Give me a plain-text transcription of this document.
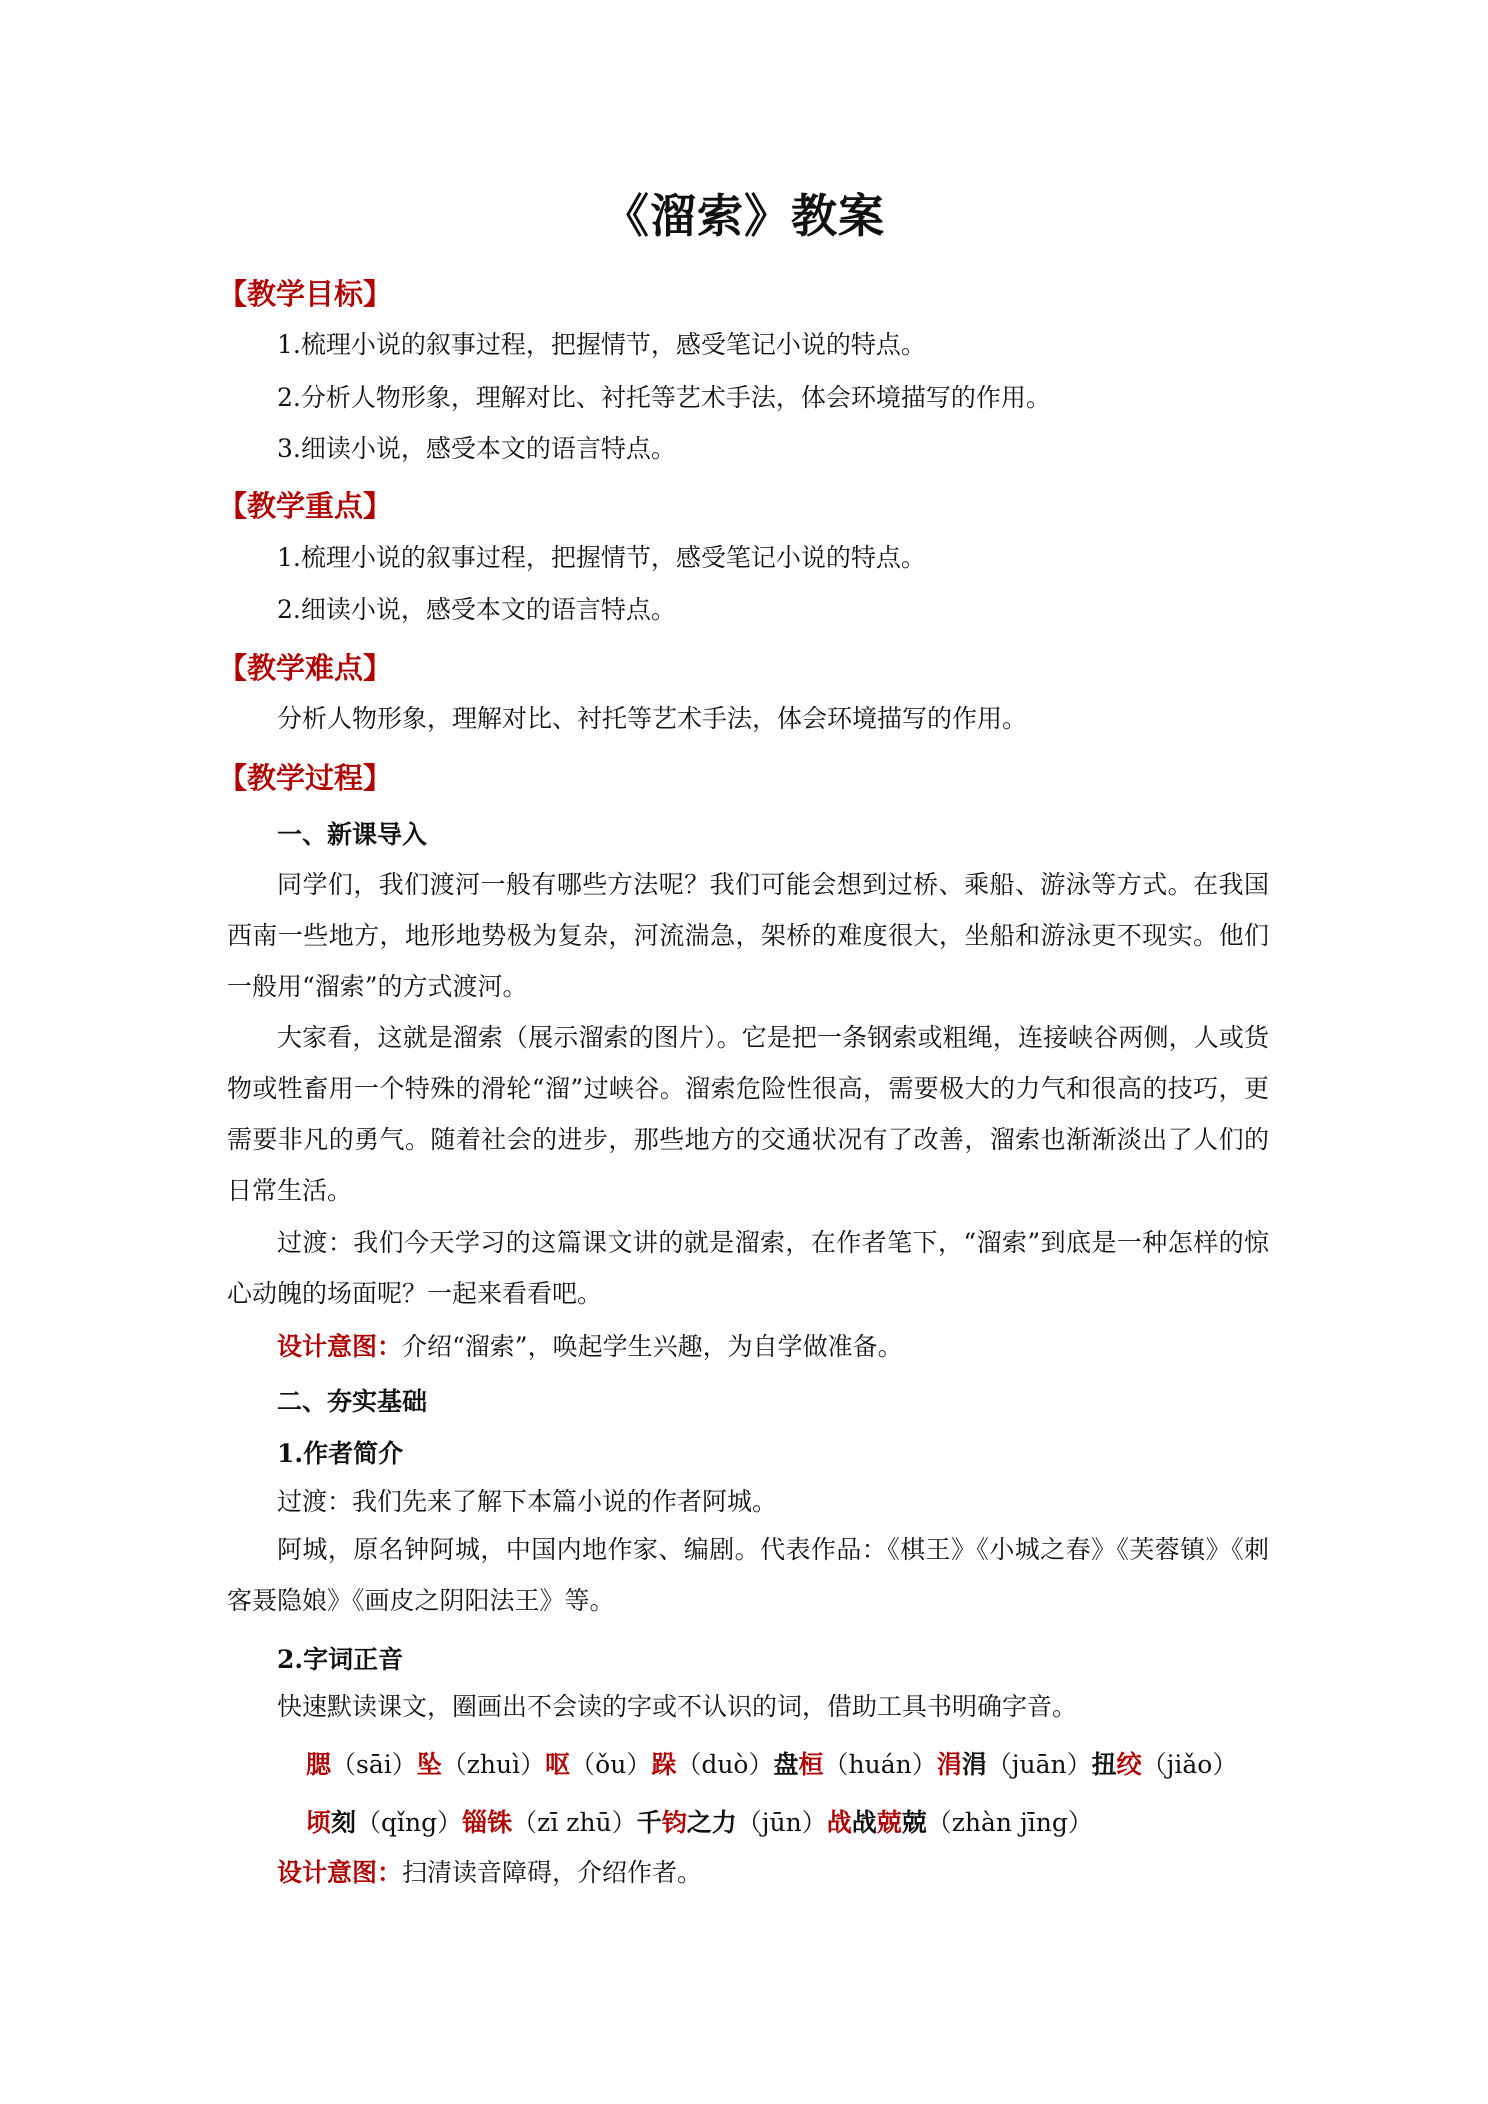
《溜索》教案
【教学目标】
1.梳理小说的叙事过程，把握情节，感受笔记小说的特点。
2.分析人物形象，理解对比、衬托等艺术手法，体会环境描写的作用。
3.细读小说，感受本文的语言特点。
【教学重点】
1.梳理小说的叙事过程，把握情节，感受笔记小说的特点。
2.细读小说，感受本文的语言特点。
【教学难点】
分析人物形象，理解对比、衬托等艺术手法，体会环境描写的作用。
【教学过程】
一、新课导入
同学们，我们渡河一般有哪些方法呢？我们可能会想到过桥、乘船、游泳等方式。在我国西南一些地方，地形地势极为复杂，河流湍急，架桥的难度很大，坐船和游泳更不现实。他们一般用“溜索”的方式渡河。
大家看，这就是溜索（展示溜索的图片）。它是把一条钢索或粗绳，连接峡谷两侧，人或货物或牲畜用一个特殊的滑轮“溜”过峡谷。溜索危险性很高，需要极大的力气和很高的技巧，更需要非凡的勇气。随着社会的进步，那些地方的交通状况有了改善，溜索也渐渐淡出了人们的日常生活。
过渡：我们今天学习的这篇课文讲的就是溜索，在作者笔下，“溜索”到底是一种怎样的惊心动魄的场面呢？一起来看看吧。
设计意图：介绍“溜索”，唤起学生兴趣，为自学做准备。
二、夯实基础
1.作者简介
过渡：我们先来了解下本篇小说的作者阿城。
阿城，原名钟阿城，中国内地作家、编剧。代表作品：《棋王》《小城之春》《芙蓉镇》《刺客聂隐娘》《画皮之阴阳法王》等。
2.字词正音
快速默读课文，圈画出不会读的字或不认识的词，借助工具书明确字音。
腮（sāi）坠（zhuì）呕（ǒu）跺（duò）盘桓（huán）涓涓（juān）扭绞（jiǎo）
顷刻（qǐng）锱铢（zī zhū）千钧之力（jūn）战战兢兢（zhàn jīng）
设计意图：扫清读音障碍，介绍作者。
